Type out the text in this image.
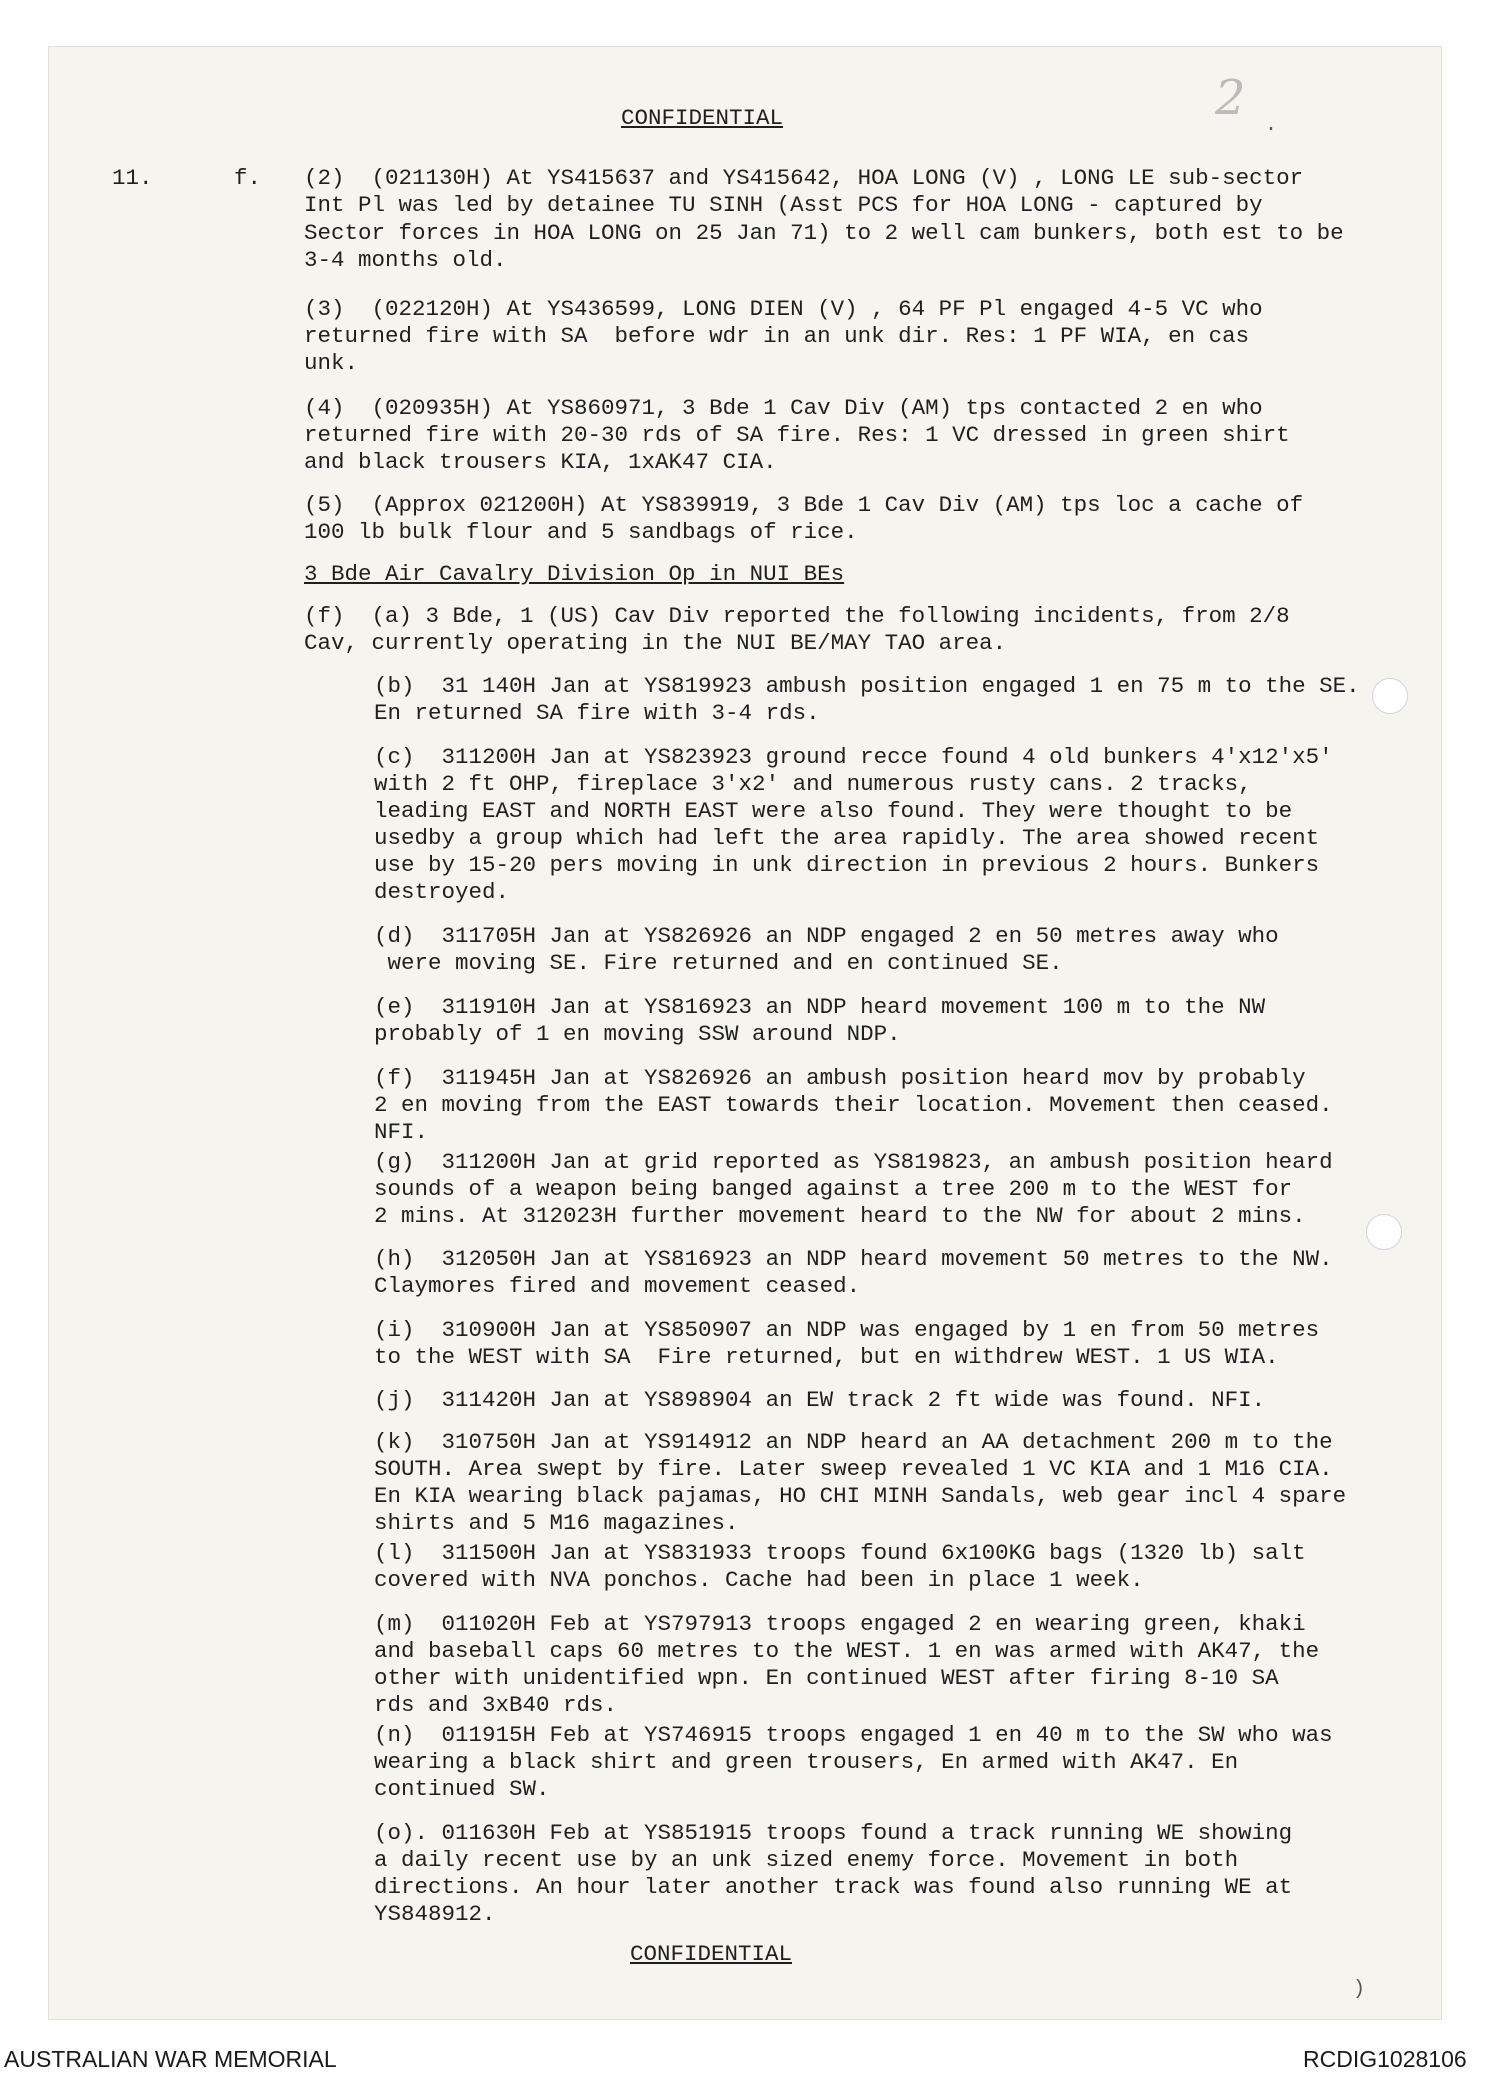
2
·
CONFIDENTIAL
11.	f.

(2)  (021130H) At YS415637 and YS415642, HOA LONG (V) , LONG LE sub-sector

Int Pl was led by detainee TU SINH (Asst PCS for HOA LONG - captured by

Sector forces in HOA LONG on 25 Jan 71) to 2 well cam bunkers, both est to be

3-4 months old.

(3)  (022120H) At YS436599, LONG DIEN (V) , 64 PF Pl engaged 4-5 VC who

returned fire with SA  before wdr in an unk dir. Res: 1 PF WIA, en cas

unk.

(4)  (020935H) At YS860971, 3 Bde 1 Cav Div (AM) tps contacted 2 en who

returned fire with 20-30 rds of SA fire. Res: 1 VC dressed in green shirt

and black trousers KIA, 1xAK47 CIA.

(5)  (Approx 021200H) At YS839919, 3 Bde 1 Cav Div (AM) tps loc a cache of

100 lb bulk flour and 5 sandbags of rice.

3 Bde Air Cavalry Division Op in NUI BEs

(f)  (a) 3 Bde, 1 (US) Cav Div reported the following incidents, from 2/8

Cav, currently operating in the NUI BE/MAY TAO area.

(b)  31 140H Jan at YS819923 ambush position engaged 1 en 75 m to the SE.

En returned SA fire with 3-4 rds.

(c)  311200H Jan at YS823923 ground recce found 4 old bunkers 4'x12'x5'

with 2 ft OHP, fireplace 3'x2' and numerous rusty cans. 2 tracks,

leading EAST and NORTH EAST were also found. They were thought to be

usedby a group which had left the area rapidly. The area showed recent

use by 15-20 pers moving in unk direction in previous 2 hours. Bunkers

destroyed.

(d)  311705H Jan at YS826926 an NDP engaged 2 en 50 metres away who

were moving SE. Fire returned and en continued SE.

(e)  311910H Jan at YS816923 an NDP heard movement 100 m to the NW

probably of 1 en moving SSW around NDP.

(f)  311945H Jan at YS826926 an ambush position heard mov by probably

2 en moving from the EAST towards their location. Movement then ceased.

NFI.

(g)  311200H Jan at grid reported as YS819823, an ambush position heard

sounds of a weapon being banged against a tree 200 m to the WEST for

2 mins. At 312023H further movement heard to the NW for about 2 mins.

(h)  312050H Jan at YS816923 an NDP heard movement 50 metres to the NW.

Claymores fired and movement ceased.

(i)  310900H Jan at YS850907 an NDP was engaged by 1 en from 50 metres

to the WEST with SA  Fire returned, but en withdrew WEST. 1 US WIA.

(j)  311420H Jan at YS898904 an EW track 2 ft wide was found. NFI.

(k)  310750H Jan at YS914912 an NDP heard an AA detachment 200 m to the

SOUTH. Area swept by fire. Later sweep revealed 1 VC KIA and 1 M16 CIA.

En KIA wearing black pajamas, HO CHI MINH Sandals, web gear incl 4 spare

shirts and 5 M16 magazines.

(l)  311500H Jan at YS831933 troops found 6x100KG bags (1320 lb) salt

covered with NVA ponchos. Cache had been in place 1 week.

(m)  011020H Feb at YS797913 troops engaged 2 en wearing green, khaki

and baseball caps 60 metres to the WEST. 1 en was armed with AK47, the

other with unidentified wpn. En continued WEST after firing 8-10 SA

rds and 3xB40 rds.

(n)  011915H Feb at YS746915 troops engaged 1 en 40 m to the SW who was

wearing a black shirt and green trousers, En armed with AK47. En

continued SW.

(o). 011630H Feb at YS851915 troops found a track running WE showing

a daily recent use by an unk sized enemy force. Movement in both

directions. An hour later another track was found also running WE at

YS848912.

CONFIDENTIAL
)
AUSTRALIAN WAR MEMORIAL	RCDIG1028106
